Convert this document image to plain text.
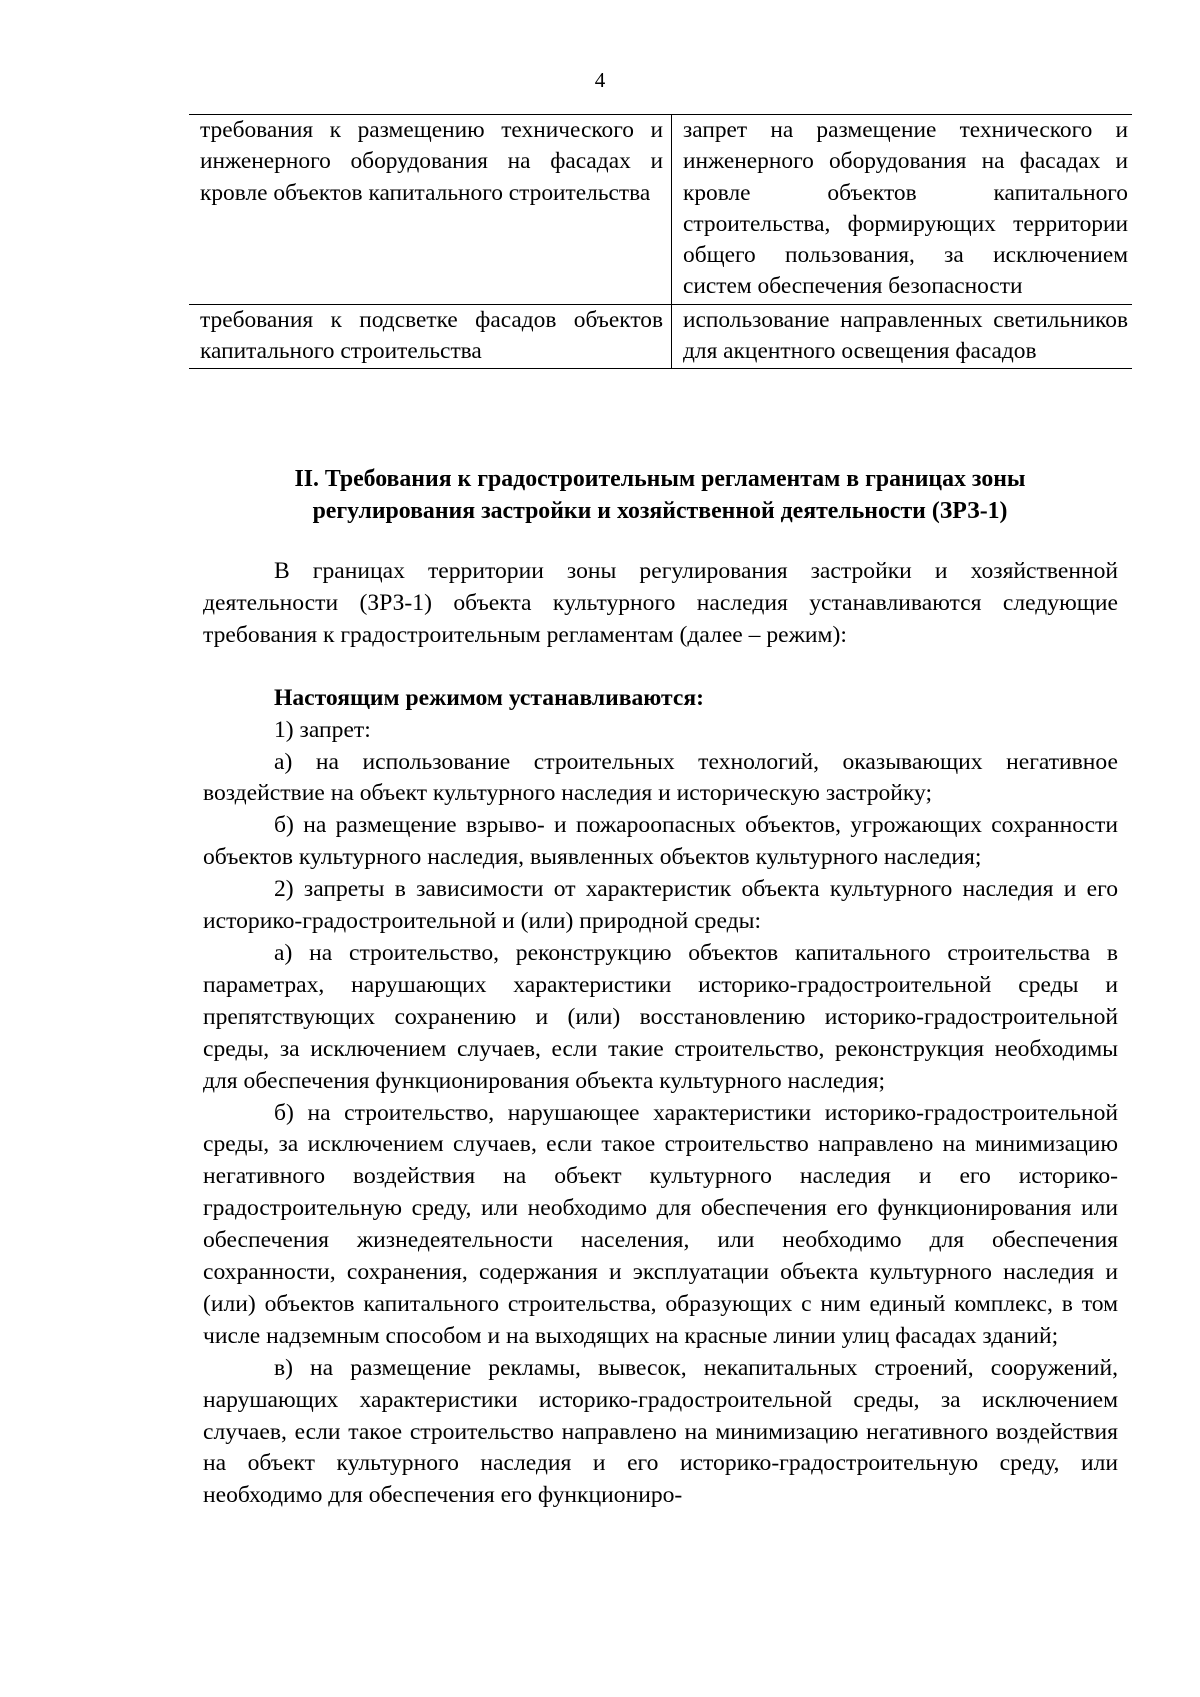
4
требования к размещению технического и инженерного оборудования на фасадах и кровле объектов капитального строительства	запрет на размещение технического и инженерного оборудования на фасадах и кровле объектов капитального строительства, формирующих территории общего пользования, за исключением систем обеспечения безопасности
требования к подсветке фасадов объектов капитального строительства	использование направленных светильников для акцентного освещения фасадов
II. Требования к градостроительным регламентам в границах зоны
регулирования застройки и хозяйственной деятельности (ЗРЗ-1)

В границах территории зоны регулирования застройки и хозяйственной деятельности (ЗРЗ-1) объекта культурного наследия устанавливаются следующие требования к градостроительным регламентам (далее – режим):

Настоящим режимом устанавливаются:

1) запрет:

а) на использование строительных технологий, оказывающих негативное воздействие на объект культурного наследия и историческую застройку;

б) на размещение взрыво- и пожароопасных объектов, угрожающих сохранности объектов культурного наследия, выявленных объектов культурного наследия;

2) запреты в зависимости от характеристик объекта культурного наследия и его историко-градостроительной и (или) природной среды:

а) на строительство, реконструкцию объектов капитального строительства в параметрах, нарушающих характеристики историко-градостроительной среды и препятствующих сохранению и (или) восстановлению историко-градостроительной среды, за исключением случаев, если такие строительство, реконструкция необходимы для обеспечения функционирования объекта культурного наследия;

б) на строительство, нарушающее характеристики историко-градостроительной среды, за исключением случаев, если такое строительство направлено на минимизацию негативного воздействия на объект культурного наследия и его историко-градостроительную среду, или необходимо для обеспечения его функционирования или обеспечения жизнедеятельности населения, или необходимо для обеспечения сохранности, сохранения, содержания и эксплуатации объекта культурного наследия и (или) объектов капитального строительства, образующих с ним единый комплекс, в том числе надземным способом и на выходящих на красные линии улиц фасадах зданий;

в) на размещение рекламы, вывесок, некапитальных строений, сооружений, нарушающих характеристики историко-градостроительной среды, за исключением случаев, если такое строительство направлено на минимизацию негативного воздействия на объект культурного наследия и его историко-градостроительную среду, или необходимо для обеспечения его функциониро-
